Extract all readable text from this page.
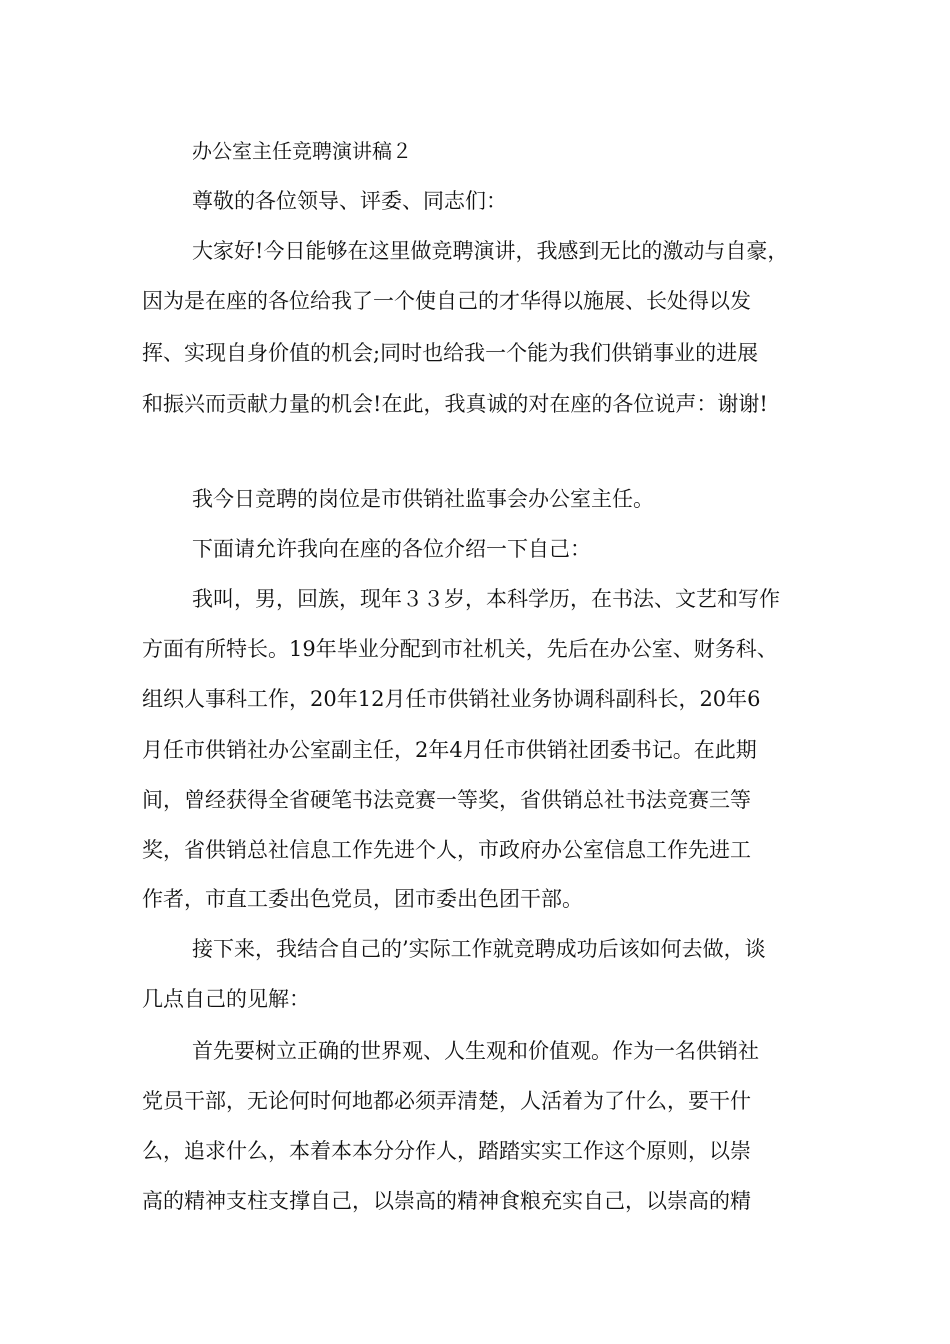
办公室主任竞聘演讲稿２

尊敬的各位领导、评委、同志们：

大家好!今日能够在这里做竞聘演讲，我感到无比的激动与自豪，

因为是在座的各位给我了一个使自己的才华得以施展、长处得以发

挥、实现自身价值的机会;同时也给我一个能为我们供销事业的进展

和振兴而贡献力量的机会!在此，我真诚的对在座的各位说声：谢谢!

我今日竞聘的岗位是市供销社监事会办公室主任。

下面请允许我向在座的各位介绍一下自己：

我叫，男，回族，现年３３岁，本科学历，在书法、文艺和写作

方面有所特长。19年毕业分配到市社机关，先后在办公室、财务科、

组织人事科工作，20年12月任市供销社业务协调科副科长，20年6

月任市供销社办公室副主任，2年4月任市供销社团委书记。在此期

间，曾经获得全省硬笔书法竞赛一等奖，省供销总社书法竞赛三等

奖，省供销总社信息工作先进个人，市政府办公室信息工作先进工

作者，市直工委出色党员，团市委出色团干部。

接下来，我结合自己的’实际工作就竞聘成功后该如何去做，谈

几点自己的见解：

首先要树立正确的世界观、人生观和价值观。作为一名供销社

党员干部，无论何时何地都必须弄清楚，人活着为了什么，要干什

么，追求什么，本着本本分分作人，踏踏实实工作这个原则，以崇

高的精神支柱支撑自己，以崇高的精神食粮充实自己，以崇高的精
